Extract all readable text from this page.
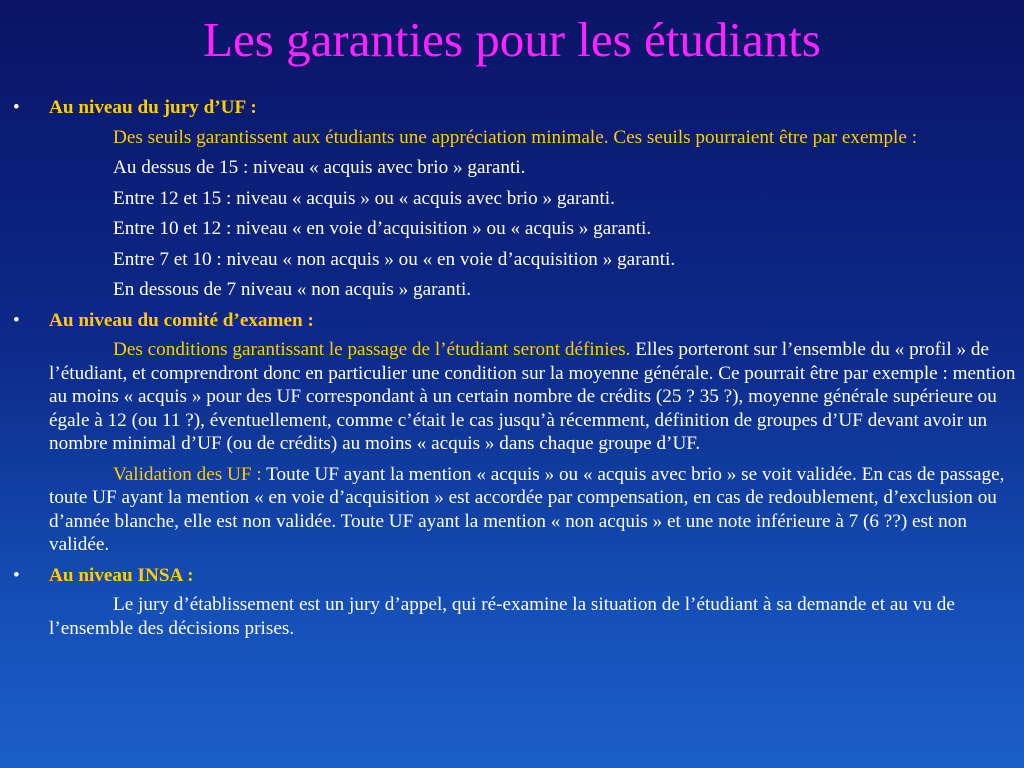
Les garanties pour les étudiants
• Au niveau du jury d’UF :
Des seuils garantissent aux étudiants une appréciation minimale. Ces seuils pourraient être par exemple :
Au dessus de 15 : niveau « acquis avec brio » garanti.
Entre 12 et 15 : niveau « acquis » ou « acquis avec brio » garanti.
Entre 10 et 12 : niveau « en voie d’acquisition » ou « acquis » garanti.
Entre 7 et 10 : niveau « non acquis » ou « en voie d’acquisition » garanti.
En dessous de 7 niveau « non acquis » garanti.
• Au niveau du comité d’examen :
Des conditions garantissant le passage de l’étudiant seront définies. Elles porteront sur l’ensemble du « profil » de l’étudiant, et comprendront donc en particulier une condition sur la moyenne générale. Ce pourrait être par exemple : mention au moins « acquis » pour des UF correspondant à un certain nombre de crédits (25 ? 35 ?), moyenne générale supérieure ou égale à 12 (ou 11 ?), éventuellement, comme c’était le cas jusqu’à récemment, définition de groupes d’UF devant avoir un nombre minimal d’UF (ou de crédits) au moins « acquis » dans chaque groupe d’UF.
Validation des UF : Toute UF ayant la mention « acquis » ou « acquis avec brio » se voit validée. En cas de passage, toute UF ayant la mention « en voie d’acquisition » est accordée par compensation, en cas de redoublement, d’exclusion ou d’année blanche, elle est non validée. Toute UF ayant la mention « non acquis » et une note inférieure à 7 (6 ??) est non validée.
• Au niveau INSA :
Le jury d’établissement est un jury d’appel, qui ré-examine la situation de l’étudiant à sa demande et au vu de l’ensemble des décisions prises.
